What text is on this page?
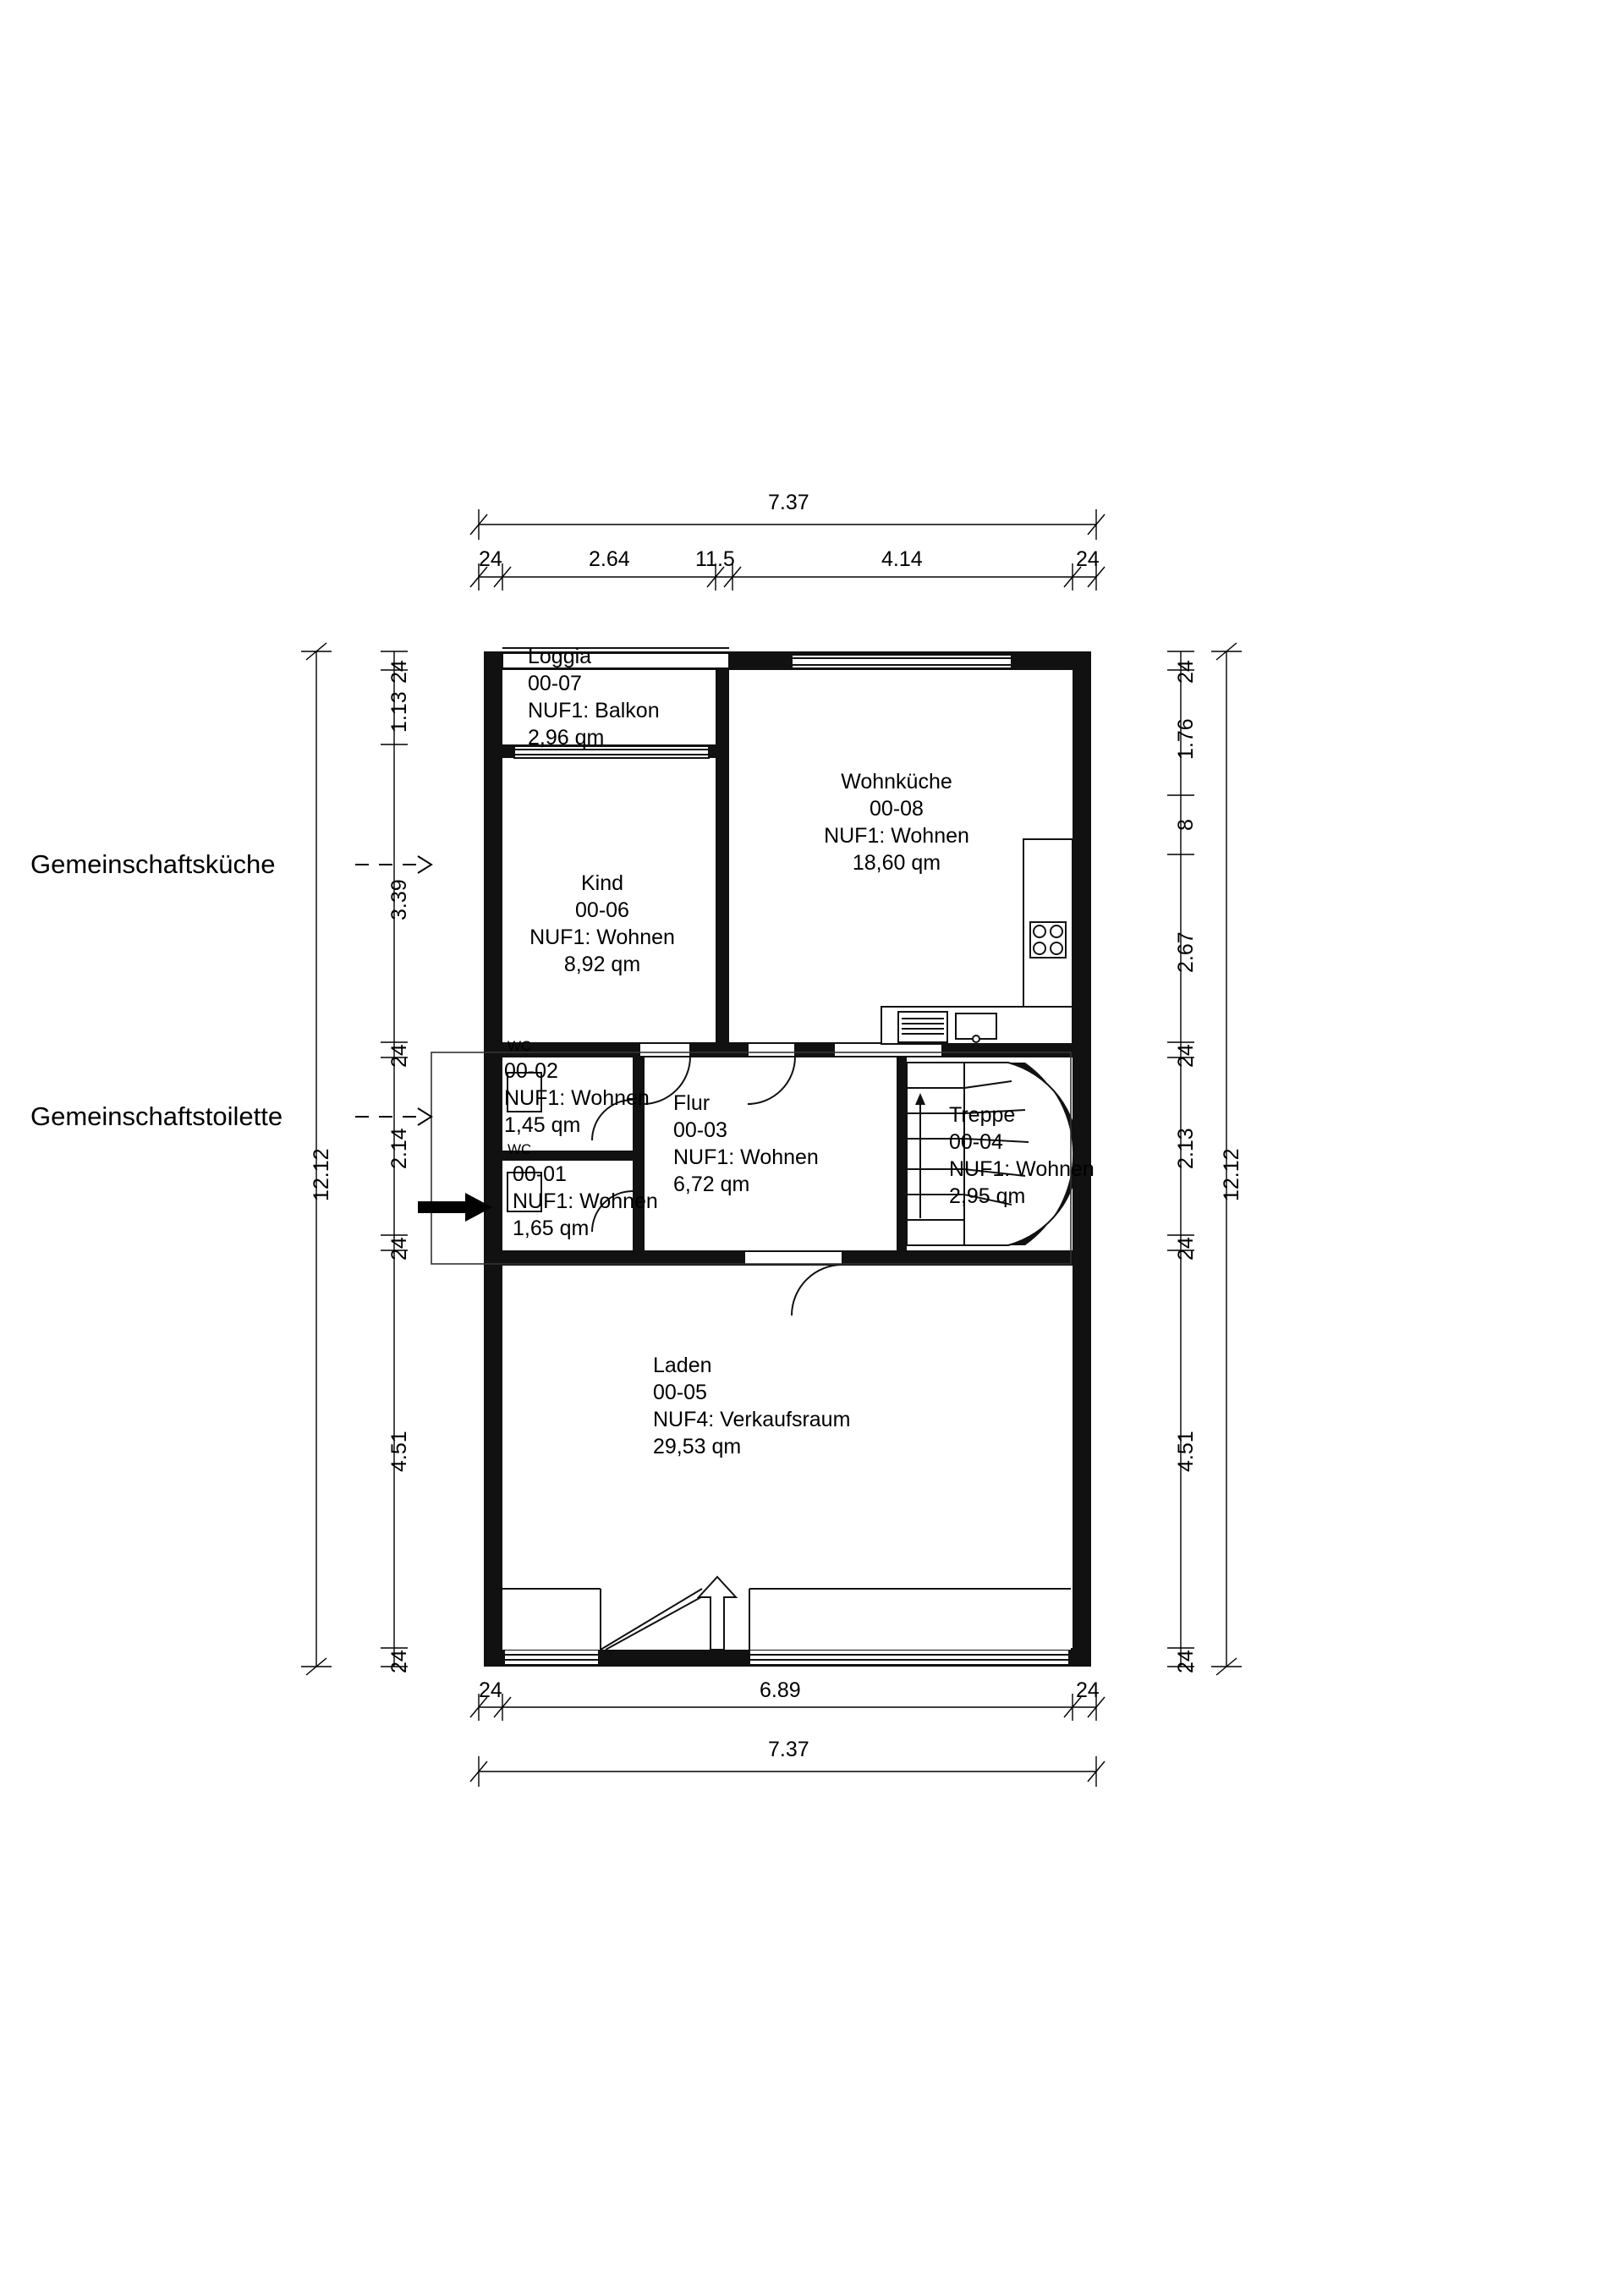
Gemeinschaftsküche
Gemeinschaftstoilette
7.37
24	2.64	11.5	4.14	24
24	6.89	24
7.37
12.12
24
1.13
3.39
24
2.14
24
4.51
24
24
1.76
8
2.67
24
2.13
24
4.51
24
12.12
Loggia
00-07
NUF1: Balkon
2,96 qm
Kind
00-06
NUF1: Wohnen
8,92 qm
Wohnküche
00-08
NUF1: Wohnen
18,60 qm
WC
00-02
NUF1: Wohnen
1,45 qm
WC
00-01
NUF1: Wohnen
1,65 qm
Flur
00-03
NUF1: Wohnen
6,72 qm
Treppe
00-04
NUF1: Wohnen
2,95 qm
Laden
00-05
NUF4: Verkaufsraum
29,53 qm
